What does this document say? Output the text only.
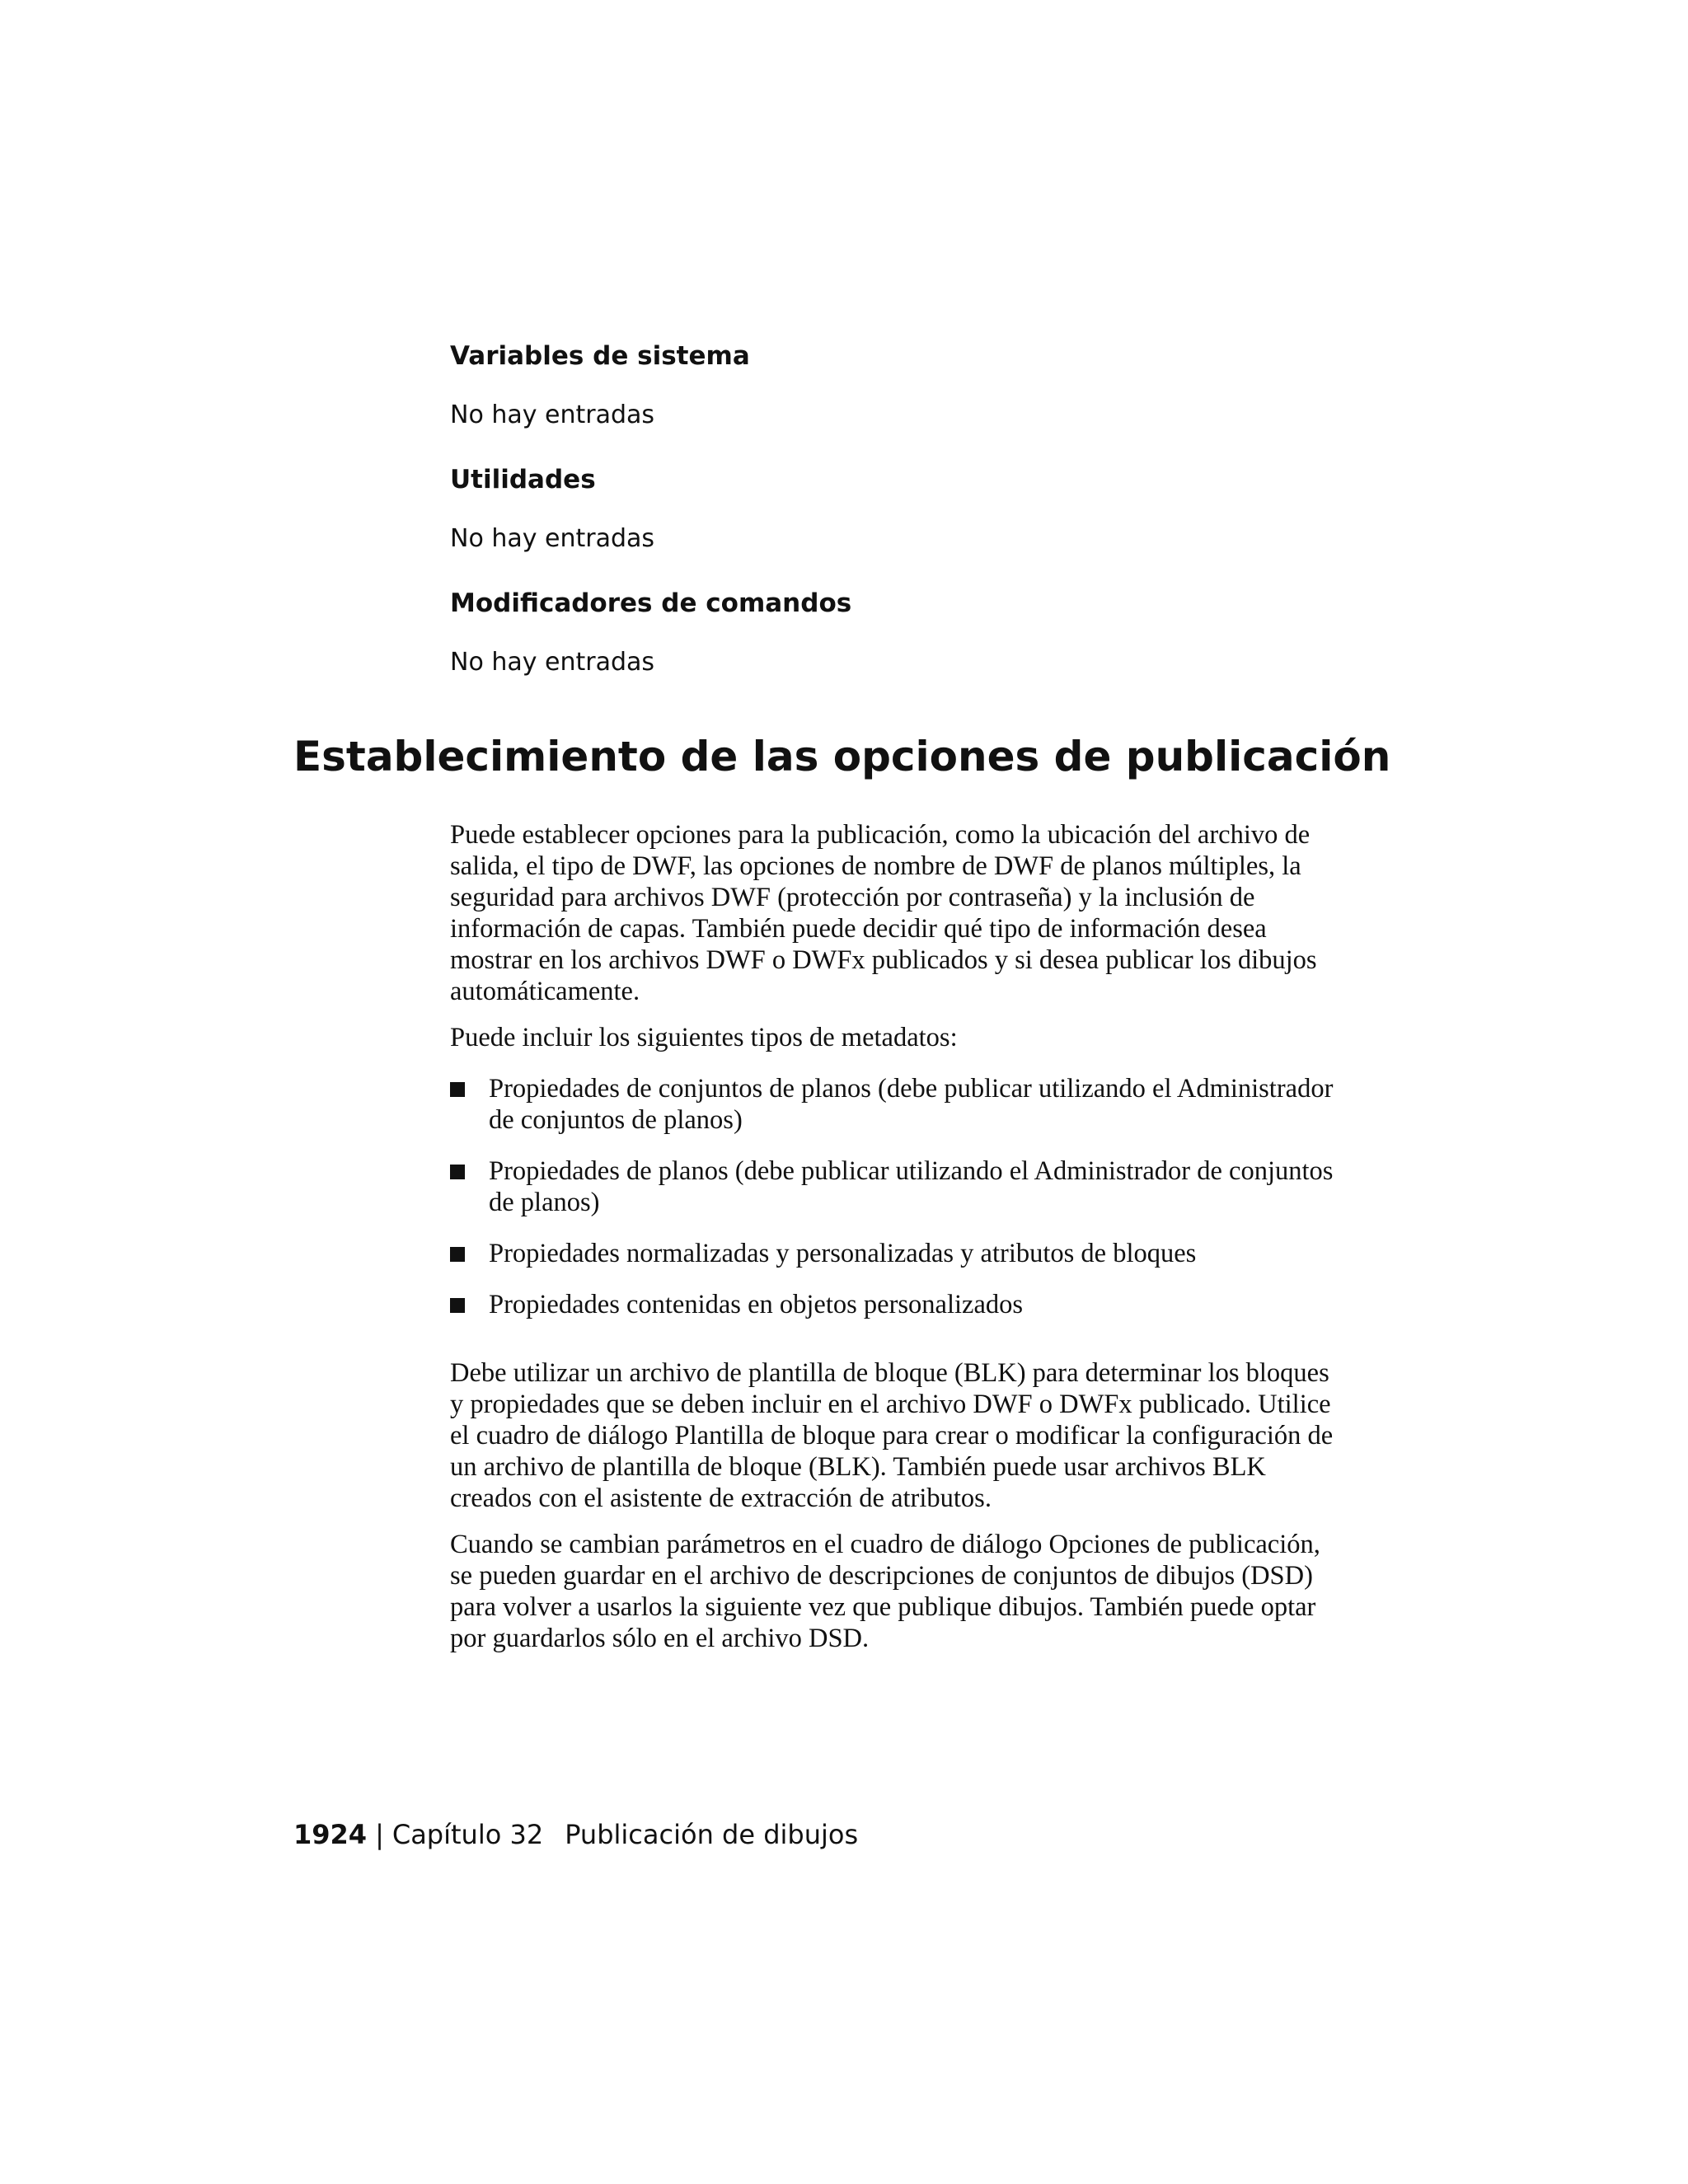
Variables de sistema

No hay entradas

Utilidades

No hay entradas

Modificadores de comandos

No hay entradas

Establecimiento de las opciones de publicación

Puede establecer opciones para la publicación, como la ubicación del archivo de salida, el tipo de DWF, las opciones de nombre de DWF de planos múltiples, la seguridad para archivos DWF (protección por contraseña) y la inclusión de información de capas. También puede decidir qué tipo de información desea mostrar en los archivos DWF o DWFx publicados y si desea publicar los dibujos automáticamente.

Puede incluir los siguientes tipos de metadatos:

Propiedades de conjuntos de planos (debe publicar utilizando el Administrador de conjuntos de planos)
Propiedades de planos (debe publicar utilizando el Administrador de conjuntos de planos)
Propiedades normalizadas y personalizadas y atributos de bloques
Propiedades contenidas en objetos personalizados

Debe utilizar un archivo de plantilla de bloque (BLK) para determinar los bloques y propiedades que se deben incluir en el archivo DWF o DWFx publicado. Utilice el cuadro de diálogo Plantilla de bloque para crear o modificar la configuración de un archivo de plantilla de bloque (BLK). También puede usar archivos BLK creados con el asistente de extracción de atributos.

Cuando se cambian parámetros en el cuadro de diálogo Opciones de publicación, se pueden guardar en el archivo de descripciones de conjuntos de dibujos (DSD) para volver a usarlos la siguiente vez que publique dibujos. También puede optar por guardarlos sólo en el archivo DSD.

1924 | Capítulo 32 Publicación de dibujos
